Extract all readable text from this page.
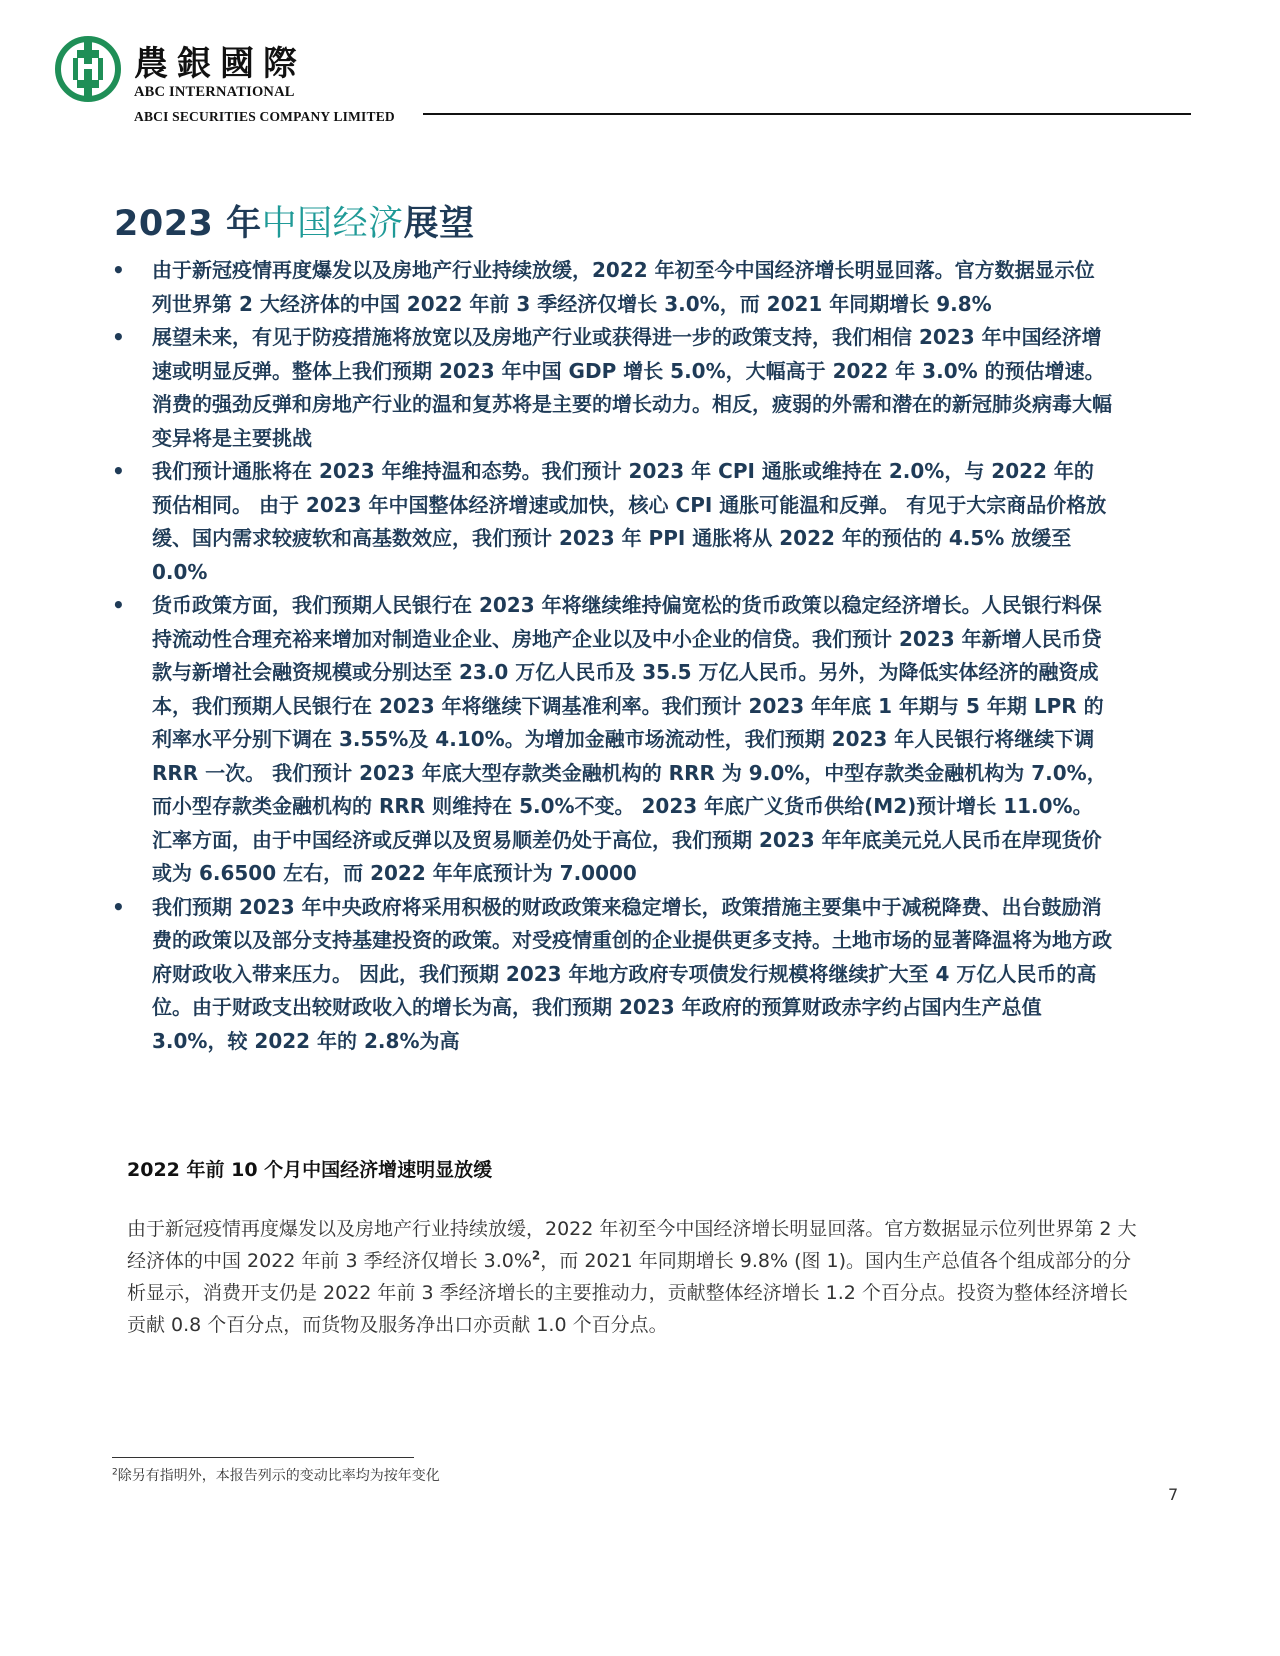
農銀國際
ABC INTERNATIONAL
ABCI SECURITIES COMPANY LIMITED
2023 年中国经济展望
•	由于新冠疫情再度爆发以及房地产行业持续放缓，2022 年初至今中国经济增长明显回落。官方数据显示位列世界第 2 大经济体的中国 2022 年前 3 季经济仅增长 3.0%，而 2021 年同期增长 9.8%
•	展望未来，有见于防疫措施将放宽以及房地产行业或获得进一步的政策支持，我们相信 2023 年中国经济增速或明显反弹。整体上我们预期 2023 年中国 GDP 增长 5.0%，大幅高于 2022 年 3.0% 的预估增速。消费的强劲反弹和房地产行业的温和复苏将是主要的增长动力。相反，疲弱的外需和潜在的新冠肺炎病毒大幅变异将是主要挑战
•	我们预计通胀将在 2023 年维持温和态势。我们预计 2023 年 CPI 通胀或维持在 2.0%，与 2022 年的预估相同。 由于 2023 年中国整体经济增速或加快，核心 CPI 通胀可能温和反弹。 有见于大宗商品价格放缓、国内需求较疲软和高基数效应，我们预计 2023 年 PPI 通胀将从 2022 年的预估的 4.5% 放缓至 0.0%
•	货币政策方面，我们预期人民银行在 2023 年将继续维持偏宽松的货币政策以稳定经济增长。人民银行料保持流动性合理充裕来增加对制造业企业、房地产企业以及中小企业的信贷。我们预计 2023 年新增人民币贷款与新增社会融资规模或分别达至 23.0 万亿人民币及 35.5 万亿人民币。另外，为降低实体经济的融资成本，我们预期人民银行在 2023 年将继续下调基准利率。我们预计 2023 年年底 1 年期与 5 年期 LPR 的利率水平分别下调在 3.55%及 4.10%。为增加金融市场流动性，我们预期 2023 年人民银行将继续下调 RRR 一次。 我们预计 2023 年底大型存款类金融机构的 RRR 为 9.0%，中型存款类金融机构为 7.0%，而小型存款类金融机构的 RRR 则维持在 5.0%不变。 2023 年底广义货币供给(M2)预计增长 11.0%。汇率方面，由于中国经济或反弹以及贸易顺差仍处于高位，我们预期 2023 年年底美元兑人民币在岸现货价或为 6.6500 左右，而 2022 年年底预计为 7.0000
•	我们预期 2023 年中央政府将采用积极的财政政策来稳定增长，政策措施主要集中于减税降费、出台鼓励消费的政策以及部分支持基建投资的政策。对受疫情重创的企业提供更多支持。土地市场的显著降温将为地方政府财政收入带来压力。 因此，我们预期 2023 年地方政府专项债发行规模将继续扩大至 4 万亿人民币的高位。由于财政支出较财政收入的增长为高，我们预期 2023 年政府的预算财政赤字约占国内生产总值 3.0%，较 2022 年的 2.8%为高
2022 年前 10 个月中国经济增速明显放缓

由于新冠疫情再度爆发以及房地产行业持续放缓，2022 年初至今中国经济增长明显回落。官方数据显示位列世界第 2 大经济体的中国 2022 年前 3 季经济仅增长 3.0%$^2$，而 2021 年同期增长 9.8% (图 1)。国内生产总值各个组成部分的分析显示，消费开支仍是 2022 年前 3 季经济增长的主要推动力，贡献整体经济增长 1.2 个百分点。投资为整体经济增长贡献 0.8 个百分点，而货物及服务净出口亦贡献 1.0 个百分点。

$^2$除另有指明外，本报告列示的变动比率均为按年变化
7
